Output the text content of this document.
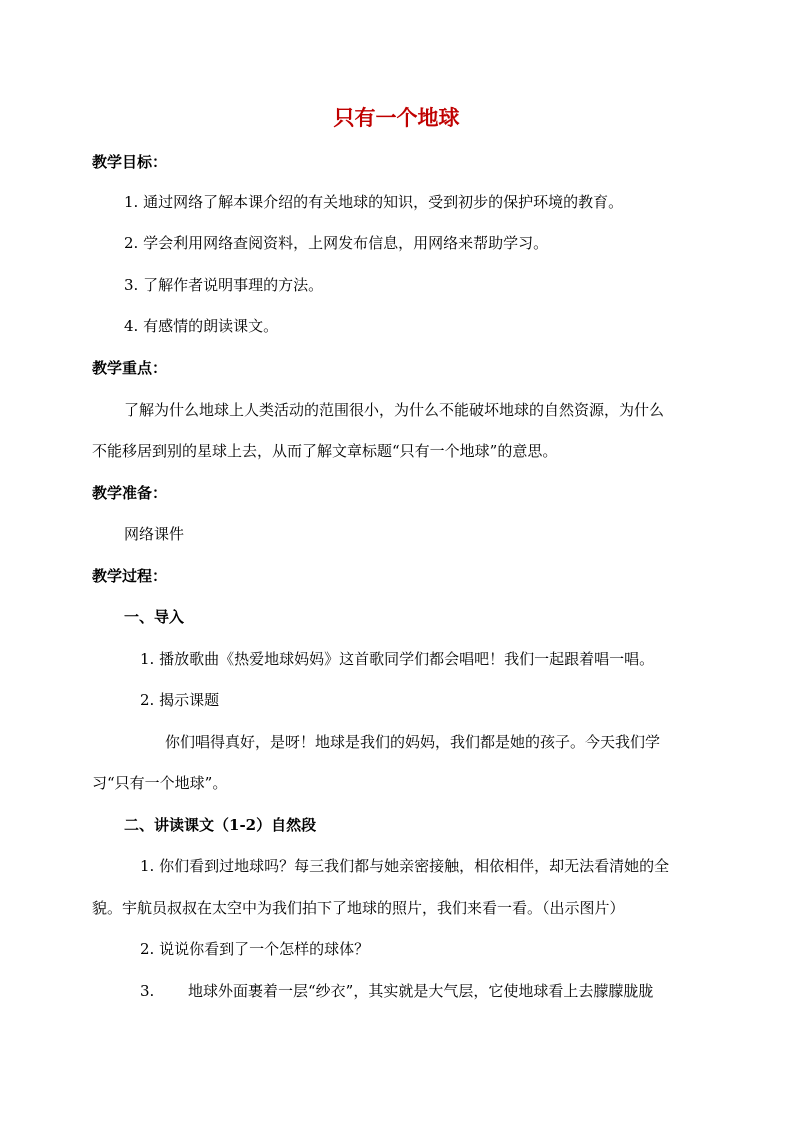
只有一个地球
教学目标：
1. 通过网络了解本课介绍的有关地球的知识，受到初步的保护环境的教育。
2. 学会利用网络查阅资料，上网发布信息，用网络来帮助学习。
3. 了解作者说明事理的方法。
4. 有感情的朗读课文。
教学重点：
了解为什么地球上人类活动的范围很小，为什么不能破坏地球的自然资源，为什么
不能移居到别的星球上去，从而了解文章标题“只有一个地球”的意思。
教学准备：
网络课件
教学过程：
一、导入
1. 播放歌曲《热爱地球妈妈》这首歌同学们都会唱吧！我们一起跟着唱一唱。
2. 揭示课题
你们唱得真好，是呀！地球是我们的妈妈，我们都是她的孩子。今天我们学
习“只有一个地球”。
二、讲读课文（1-2）自然段
1. 你们看到过地球吗？每三我们都与她亲密接触，相依相伴，却无法看清她的全
貌。宇航员叔叔在太空中为我们拍下了地球的照片，我们来看一看。（出示图片）
2. 说说你看到了一个怎样的球体？
3. 地球外面裹着一层“纱衣”，其实就是大气层，它使地球看上去朦朦胧胧
